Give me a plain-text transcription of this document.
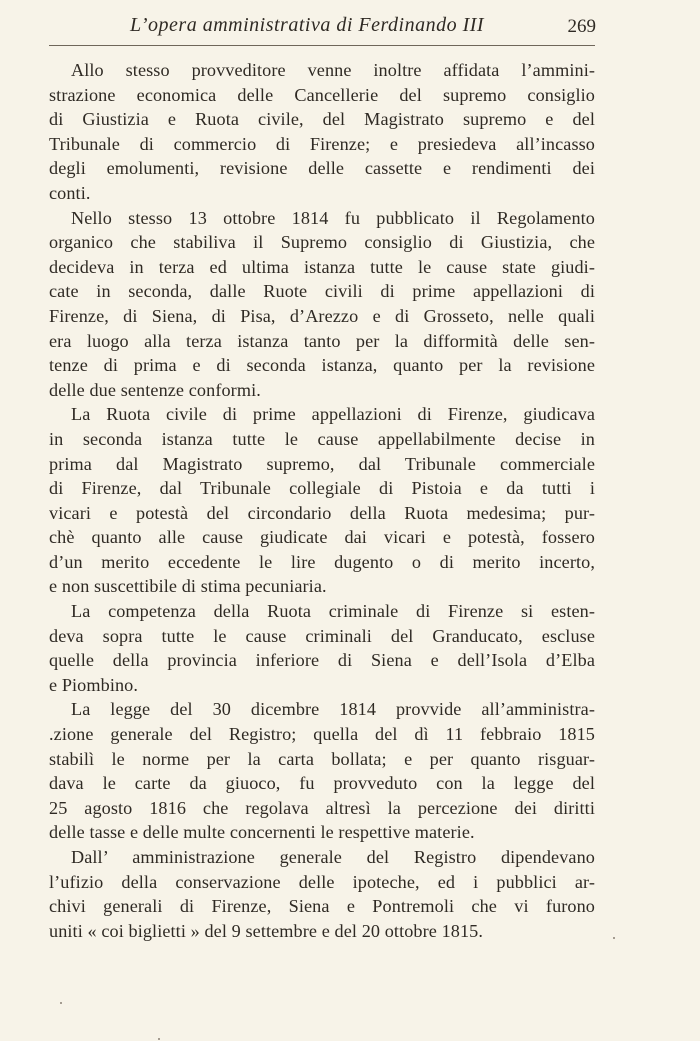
L’opera amministrativa di Ferdinando III	269
Allo stesso provveditore venne inoltre affidata l’ammini-
strazione economica delle Cancellerie del supremo consiglio
di Giustizia e Ruota civile, del Magistrato supremo e del
Tribunale di commercio di Firenze; e presiedeva all’incasso
degli emolumenti, revisione delle cassette e rendimenti dei
conti.
Nello stesso 13 ottobre 1814 fu pubblicato il Regolamento
organico che stabiliva il Supremo consiglio di Giustizia, che
decideva in terza ed ultima istanza tutte le cause state giudi-
cate in seconda, dalle Ruote civili di prime appellazioni di
Firenze, di Siena, di Pisa, d’Arezzo e di Grosseto, nelle quali
era luogo alla terza istanza tanto per la difformità delle sen-
tenze di prima e di seconda istanza, quanto per la revisione
delle due sentenze conformi.
La Ruota civile di prime appellazioni di Firenze, giudicava
in seconda istanza tutte le cause appellabilmente decise in
prima dal Magistrato supremo, dal Tribunale commerciale
di Firenze, dal Tribunale collegiale di Pistoia e da tutti i
vicari e potestà del circondario della Ruota medesima; pur-
chè quanto alle cause giudicate dai vicari e potestà, fossero
d’un merito eccedente le lire dugento o di merito incerto,
e non suscettibile di stima pecuniaria.
La competenza della Ruota criminale di Firenze si esten-
deva sopra tutte le cause criminali del Granducato, escluse
quelle della provincia inferiore di Siena e dell’Isola d’Elba
e Piombino.
La legge del 30 dicembre 1814 provvide all’amministra-
.zione generale del Registro; quella del dì 11 febbraio 1815
stabilì le norme per la carta bollata; e per quanto risguar-
dava le carte da giuoco, fu provveduto con la legge del
25 agosto 1816 che regolava altresì la percezione dei diritti
delle tasse e delle multe concernenti le respettive materie.
Dall’ amministrazione generale del Registro dipendevano
l’ufizio della conservazione delle ipoteche, ed i pubblici ar-
chivi generali di Firenze, Siena e Pontremoli che vi furono
uniti « coi biglietti » del 9 settembre e del 20 ottobre 1815.
